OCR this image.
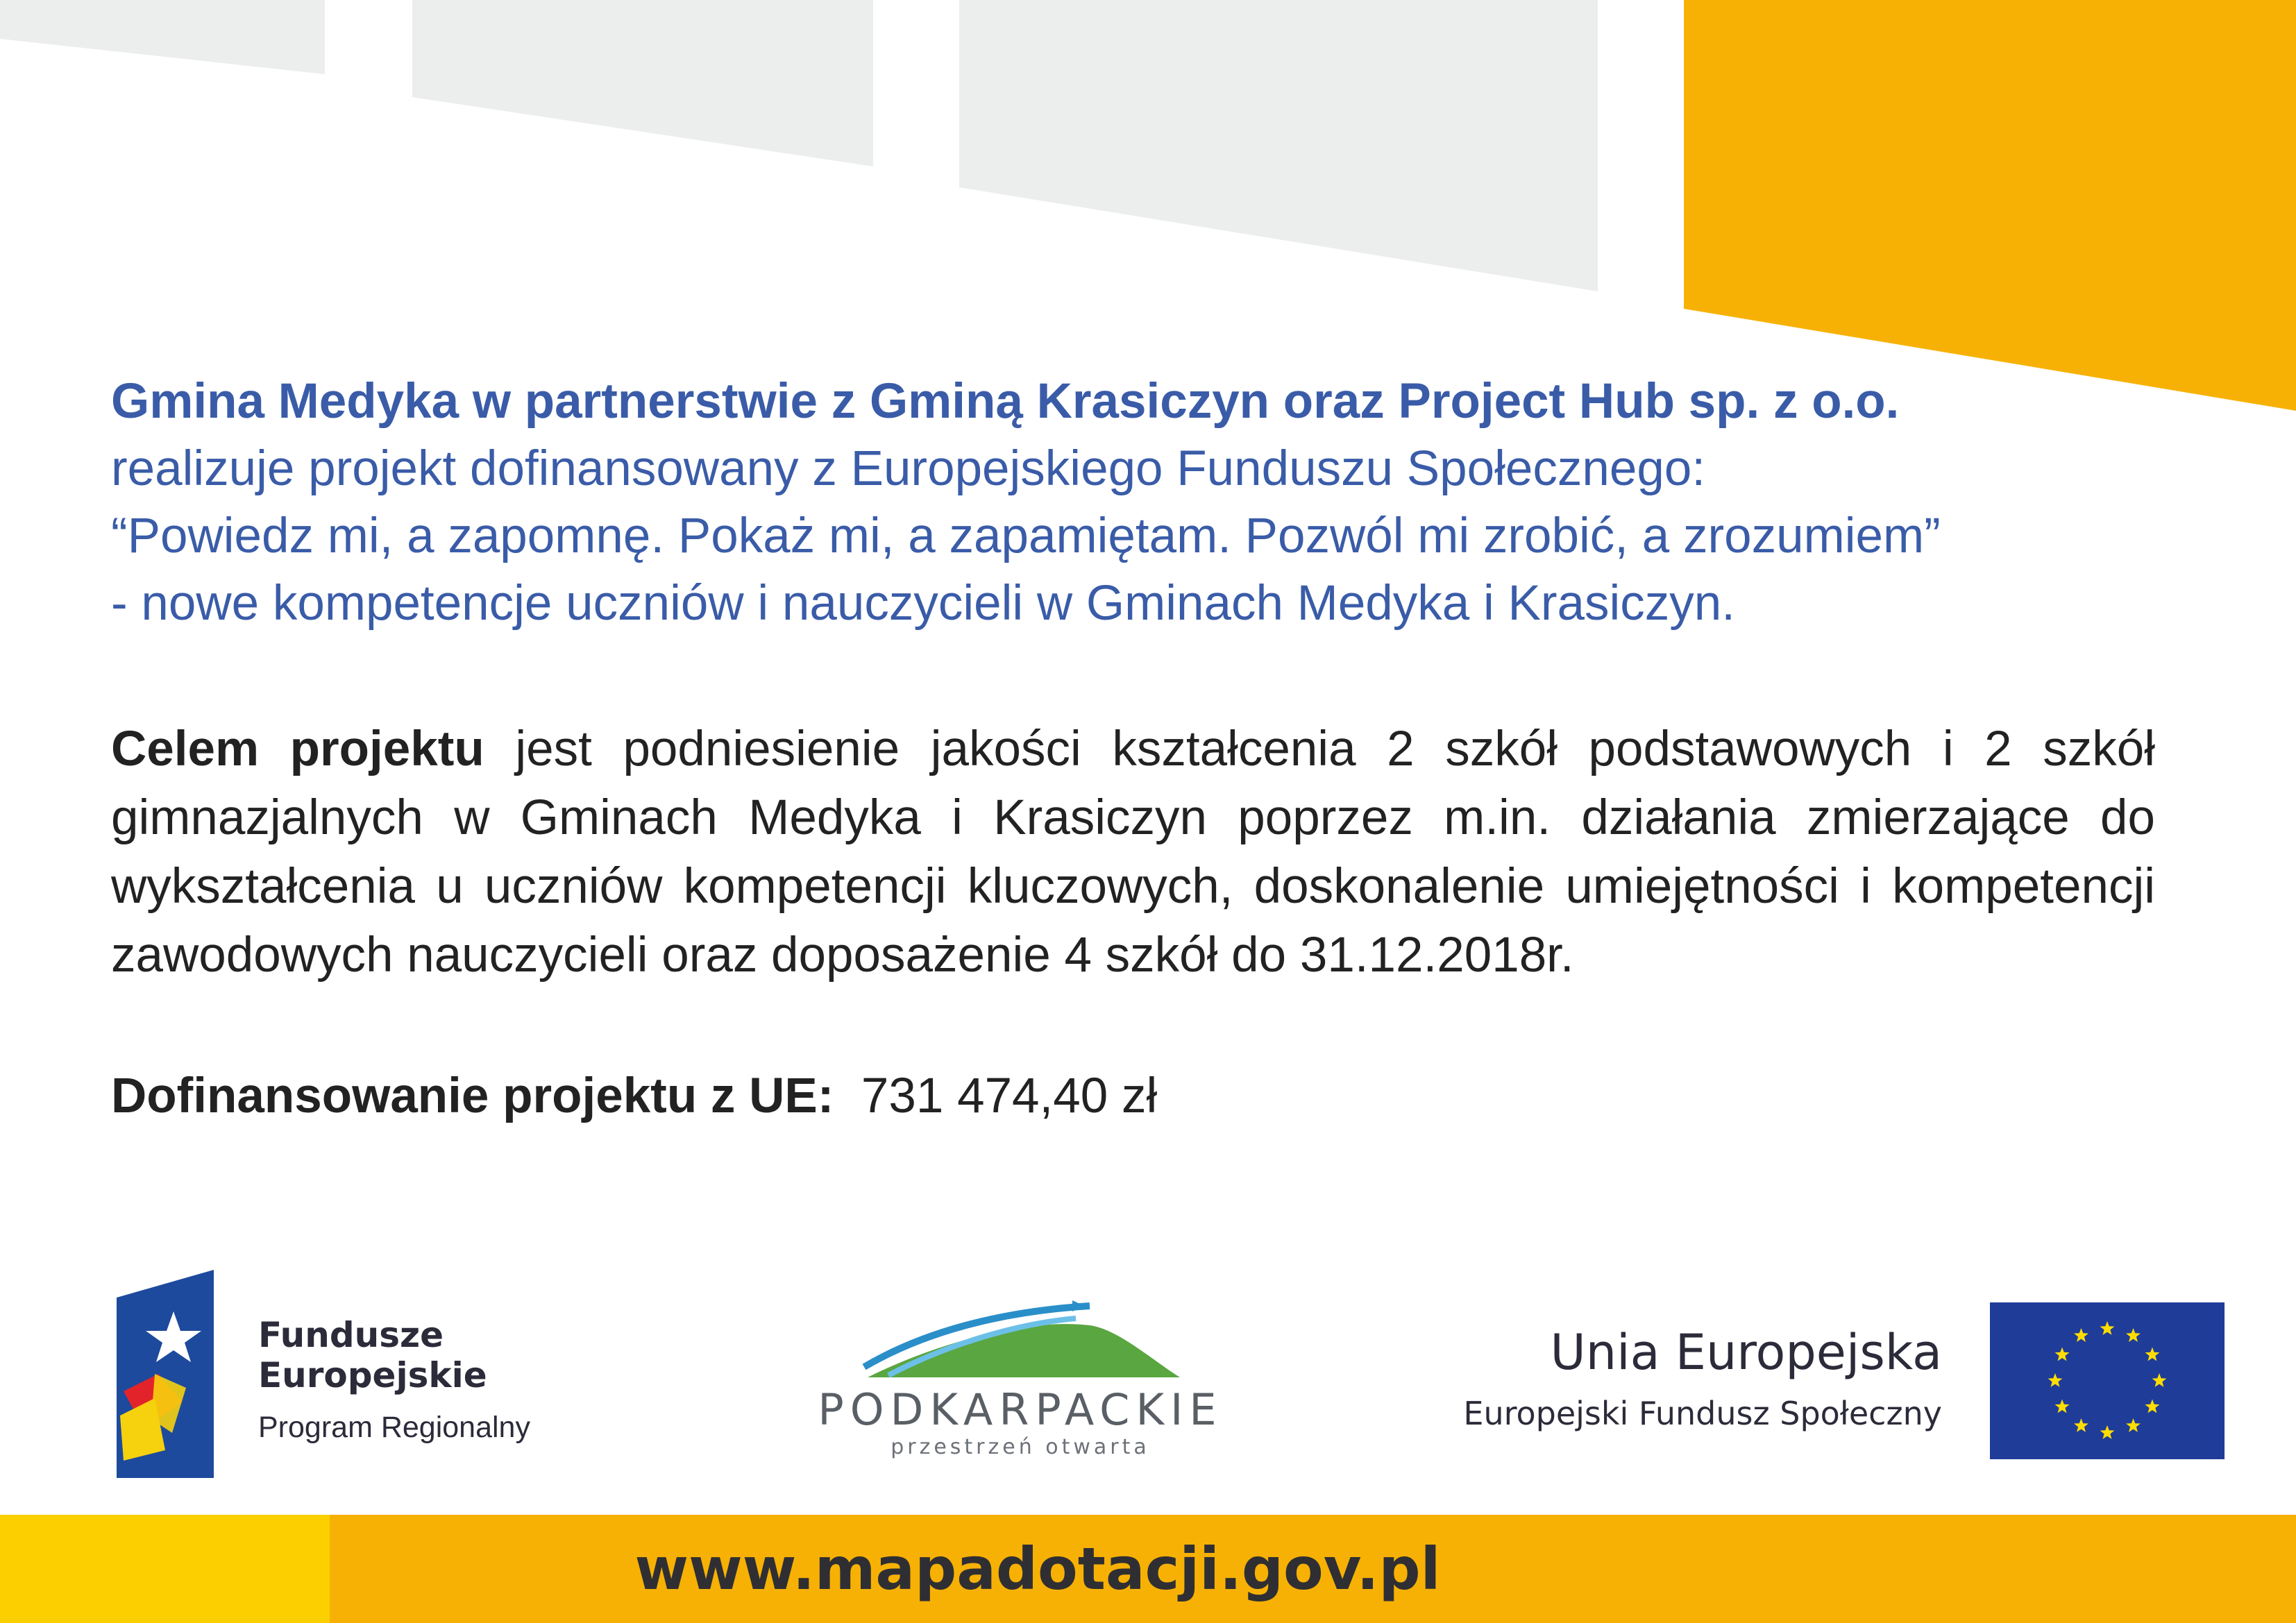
Gmina Medyka w partnerstwie z Gminą Krasiczyn oraz Project Hub sp. z o.o.
realizuje projekt dofinansowany z Europejskiego Funduszu Społecznego:
“Powiedz mi, a zapomnę. Pokaż mi, a zapamiętam. Pozwól mi zrobić, a zrozumiem”
- nowe kompetencje uczniów i nauczycieli w Gminach Medyka i Krasiczyn.
Celem projektu jest podniesienie jakości kształcenia 2 szkół podstawowych i 2 szkół gimnazjalnych w Gminach Medyka i Krasiczyn poprzez m.in. działania zmierzające do wykształcenia u uczniów kompetencji kluczowych, doskonalenie umiejętności i kompetencji zawodowych nauczycieli oraz doposażenie 4 szkół do 31.12.2018r.
Dofinansowanie projektu z UE: 731 474,40 zł
Fundusze
Europejskie
Program Regionalny	PODKARPACKIE
przestrzeń otwarta
Unia Europejska
Europejski Fundusz Społeczny
www.mapadotacji.gov.pl
